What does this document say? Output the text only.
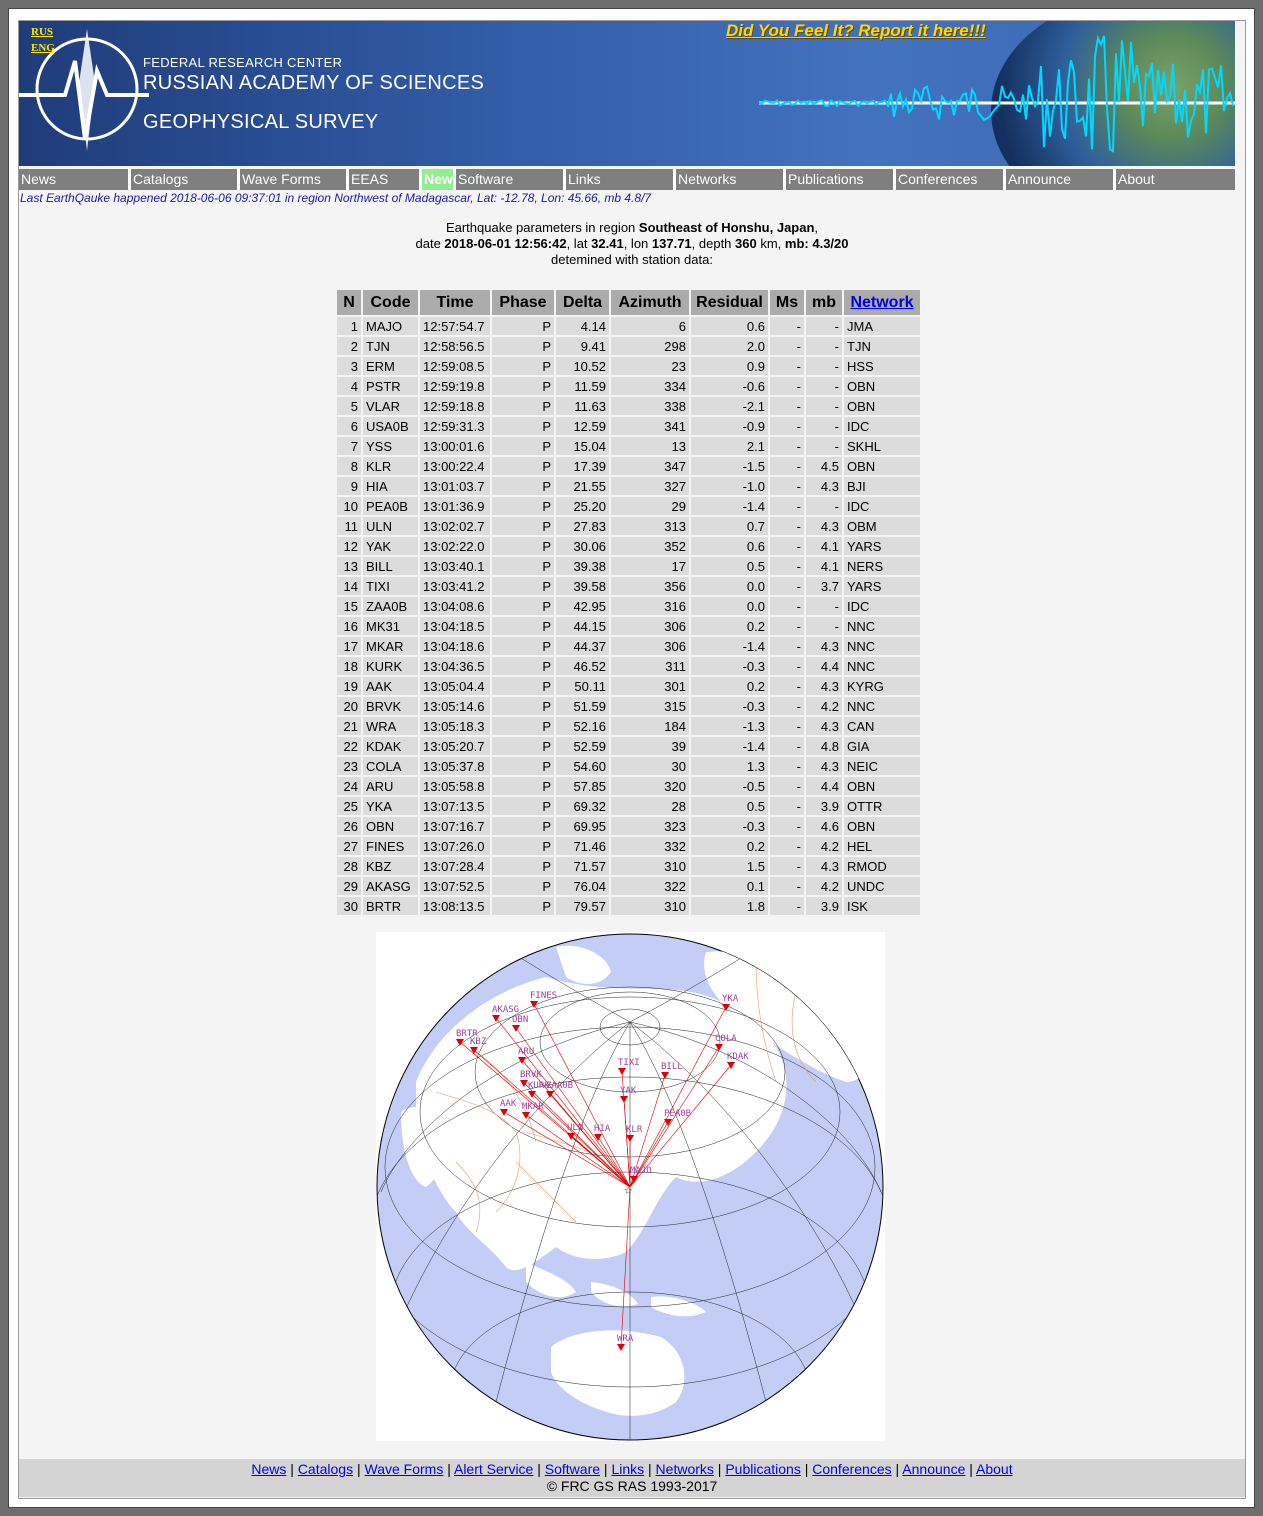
RUS
ENG
FEDERAL RESEARCH CENTER
RUSSIAN ACADEMY OF SCIENCES
GEOPHYSICAL SURVEY
Did You Feel It? Report it here!!!
News	Catalogs	Wave Forms	EEAS	New! Software	Links	Networks	Publications	Conferences	Announce	About
Last EarthQauke happened 2018-06-06 09:37:01 in region Northwest of Madagascar, Lat: -12.78, Lon: 45.66, mb 4.8/7
Earthquake parameters in region Southeast of Honshu, Japan,
date 2018-06-01 12:56:42, lat 32.41, lon 137.71, depth 360 km, mb: 4.3/20
detemined with station data:
N	Code	Time	Phase	Delta	Azimuth	Residual	Ms	mb	Network
1	MAJO	12:57:54.7	P	4.14	6	0.6	-	-	JMA
2	TJN	12:58:56.5	P	9.41	298	2.0	-	-	TJN
3	ERM	12:59:08.5	P	10.52	23	0.9	-	-	HSS
4	PSTR	12:59:19.8	P	11.59	334	-0.6	-	-	OBN
5	VLAR	12:59:18.8	P	11.63	338	-2.1	-	-	OBN
6	USA0B	12:59:31.3	P	12.59	341	-0.9	-	-	IDC
7	YSS	13:00:01.6	P	15.04	13	2.1	-	-	SKHL
8	KLR	13:00:22.4	P	17.39	347	-1.5	-	4.5	OBN
9	HIA	13:01:03.7	P	21.55	327	-1.0	-	4.3	BJI
10	PEA0B	13:01:36.9	P	25.20	29	-1.4	-	-	IDC
11	ULN	13:02:02.7	P	27.83	313	0.7	-	4.3	OBM
12	YAK	13:02:22.0	P	30.06	352	0.6	-	4.1	YARS
13	BILL	13:03:40.1	P	39.38	17	0.5	-	4.1	NERS
14	TIXI	13:03:41.2	P	39.58	356	0.0	-	3.7	YARS
15	ZAA0B	13:04:08.6	P	42.95	316	0.0	-	-	IDC
16	MK31	13:04:18.5	P	44.15	306	0.2	-	-	NNC
17	MKAR	13:04:18.6	P	44.37	306	-1.4	-	4.3	NNC
18	KURK	13:04:36.5	P	46.52	311	-0.3	-	4.4	NNC
19	AAK	13:05:04.4	P	50.11	301	0.2	-	4.3	KYRG
20	BRVK	13:05:14.6	P	51.59	315	-0.3	-	4.2	NNC
21	WRA	13:05:18.3	P	52.16	184	-1.3	-	4.3	CAN
22	KDAK	13:05:20.7	P	52.59	39	-1.4	-	4.8	GIA
23	COLA	13:05:37.8	P	54.60	30	1.3	-	4.3	NEIC
24	ARU	13:05:58.8	P	57.85	320	-0.5	-	4.4	OBN
25	YKA	13:07:13.5	P	69.32	28	0.5	-	3.9	OTTR
26	OBN	13:07:16.7	P	69.95	323	-0.3	-	4.6	OBN
27	FINES	13:07:26.0	P	71.46	332	0.2	-	4.2	HEL
28	KBZ	13:07:28.4	P	71.57	310	1.5	-	4.3	RMOD
29	AKASG	13:07:52.5	P	76.04	322	0.1	-	4.2	UNDC
30	BRTR	13:08:13.5	P	79.57	310	1.8	-	3.9	ISK
YKA
COLA
KDAK
BILL
TIXI
YAK
PEA0B
KLR
ULN HIA
FINES
AKASG
OBN
BRTR
KBZ
ARU
BRVK
KURK
ZAA0B
AAK MKAR
MAJO
WRA
☆
News | Catalogs | Wave Forms | Alert Service | Software | Links | Networks | Publications | Conferences | Announce | About
© FRC GS RAS 1993-2017
